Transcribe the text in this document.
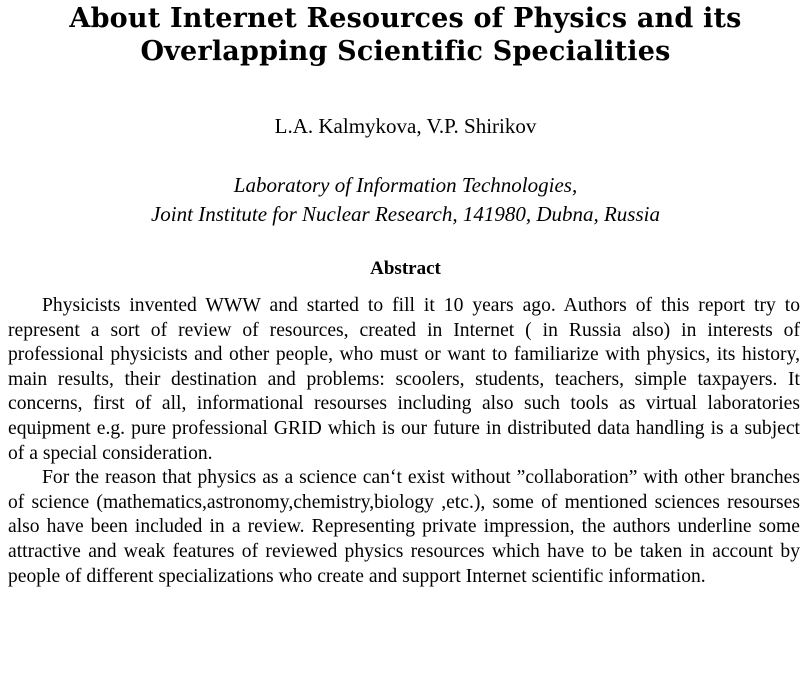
About Internet Resources of Physics and its
Overlapping Scientific Specialities
L.A. Kalmykova, V.P. Shirikov
Laboratory of Information Technologies,
Joint Institute for Nuclear Research, 141980, Dubna, Russia
Abstract

Physicists invented WWW and started to fill it 10 years ago. Authors of this report try to represent a sort of review of resources, created in Internet ( in Russia also) in interests of professional physicists and other people, who must or want to familiarize with physics, its history, main results, their destination and problems: scoolers, students, teachers, simple taxpayers. It concerns, first of all, informational resourses including also such tools as virtual laboratories equipment e.g. pure professional GRID which is our future in distributed data handling is a subject of a special consideration.

For the reason that physics as a science can‘t exist without ”collaboration” with other branches of science (mathematics,astronomy,chemistry,biology ,etc.), some of mentioned sciences resourses also have been included in a review. Representing private impression, the authors underline some attractive and weak features of reviewed physics resources which have to be taken in account by people of different specializations who create and support Internet scientific information.
